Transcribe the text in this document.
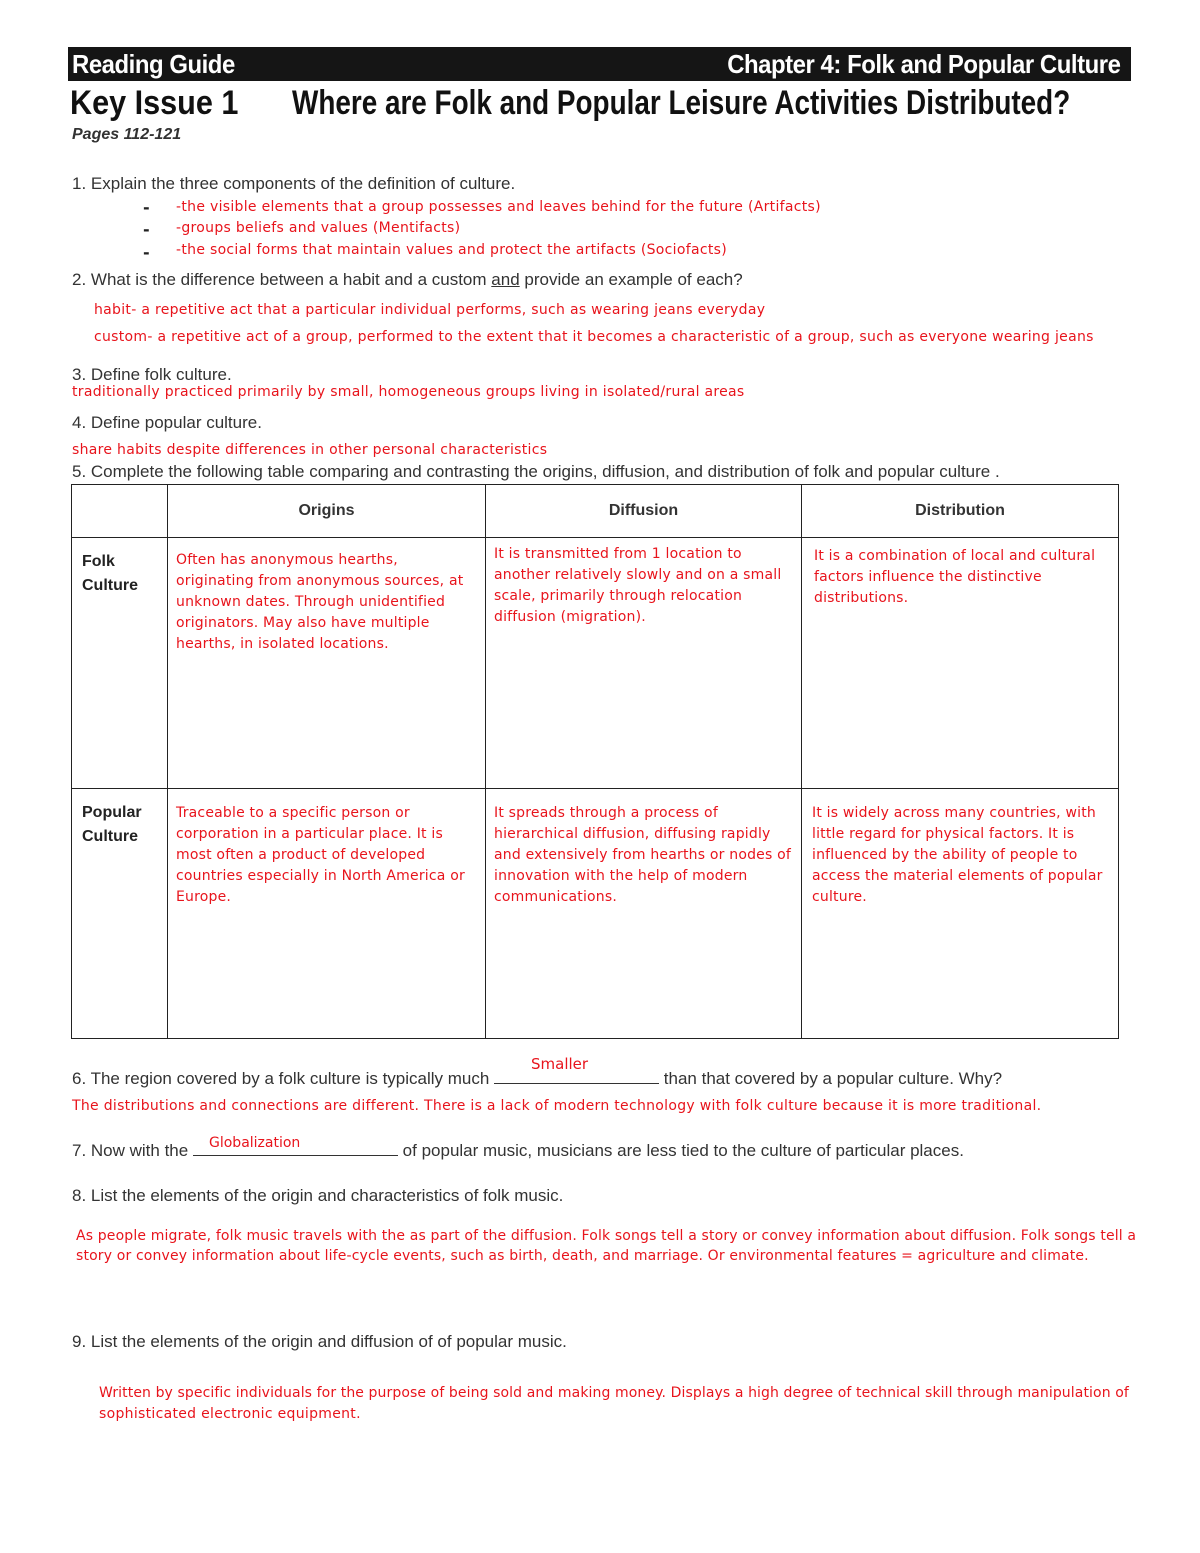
Reading Guide	Chapter 4: Folk and Popular Culture
Key Issue 1 Where are Folk and Popular Leisure Activities Distributed?
Pages 112-121
1. Explain the three components of the definition of culture.
- -the visible elements that a group possesses and leaves behind for the future (Artifacts)
- -groups beliefs and values (Mentifacts)
- -the social forms that maintain values and protect the artifacts (Sociofacts)
2. What is the difference between a habit and a custom and provide an example of each?
habit- a repetitive act that a particular individual performs, such as wearing jeans everyday
custom- a repetitive act of a group, performed to the extent that it becomes a characteristic of a group, such as everyone wearing jeans
3. Define folk culture.
traditionally practiced primarily by small, homogeneous groups living in isolated/rural areas
4. Define popular culture.
share habits despite differences in other personal characteristics
5. Complete the following table comparing and contrasting the origins, diffusion, and distribution of folk and popular culture .
	Origins	Diffusion	Distribution
Folk
Culture	Often has anonymous hearths, originating from anonymous sources, at unknown dates. Through unidentified originators. May also have multiple hearths, in isolated locations.	It is transmitted from 1 location to another relatively slowly and on a small scale, primarily through relocation diffusion (migration).	It is a combination of local and cultural factors influence the distinctive distributions.
Popular
Culture	Traceable to a specific person or corporation in a particular place. It is most often a product of developed countries especially in North America or Europe.	It spreads through a process of hierarchical diffusion, diffusing rapidly and extensively from hearths or nodes of innovation with the help of modern communications.	It is widely across many countries, with little regard for physical factors. It is influenced by the ability of people to access the material elements of popular culture.
6. The region covered by a folk culture is typically much	than that covered by a popular culture. Why?
Smaller
The distributions and connections are different. There is a lack of modern technology with folk culture because it is more traditional.
7. Now with the	of popular music, musicians are less tied to the culture of particular places.
Globalization
8. List the elements of the origin and characteristics of folk music.
As people migrate, folk music travels with the as part of the diffusion. Folk songs tell a story or convey information about diffusion. Folk songs tell a
story or convey information about life-cycle events, such as birth, death, and marriage. Or environmental features = agriculture and climate.
9. List the elements of the origin and diffusion of of popular music.
Written by specific individuals for the purpose of being sold and making money. Displays a high degree of technical skill through manipulation of
sophisticated electronic equipment.
